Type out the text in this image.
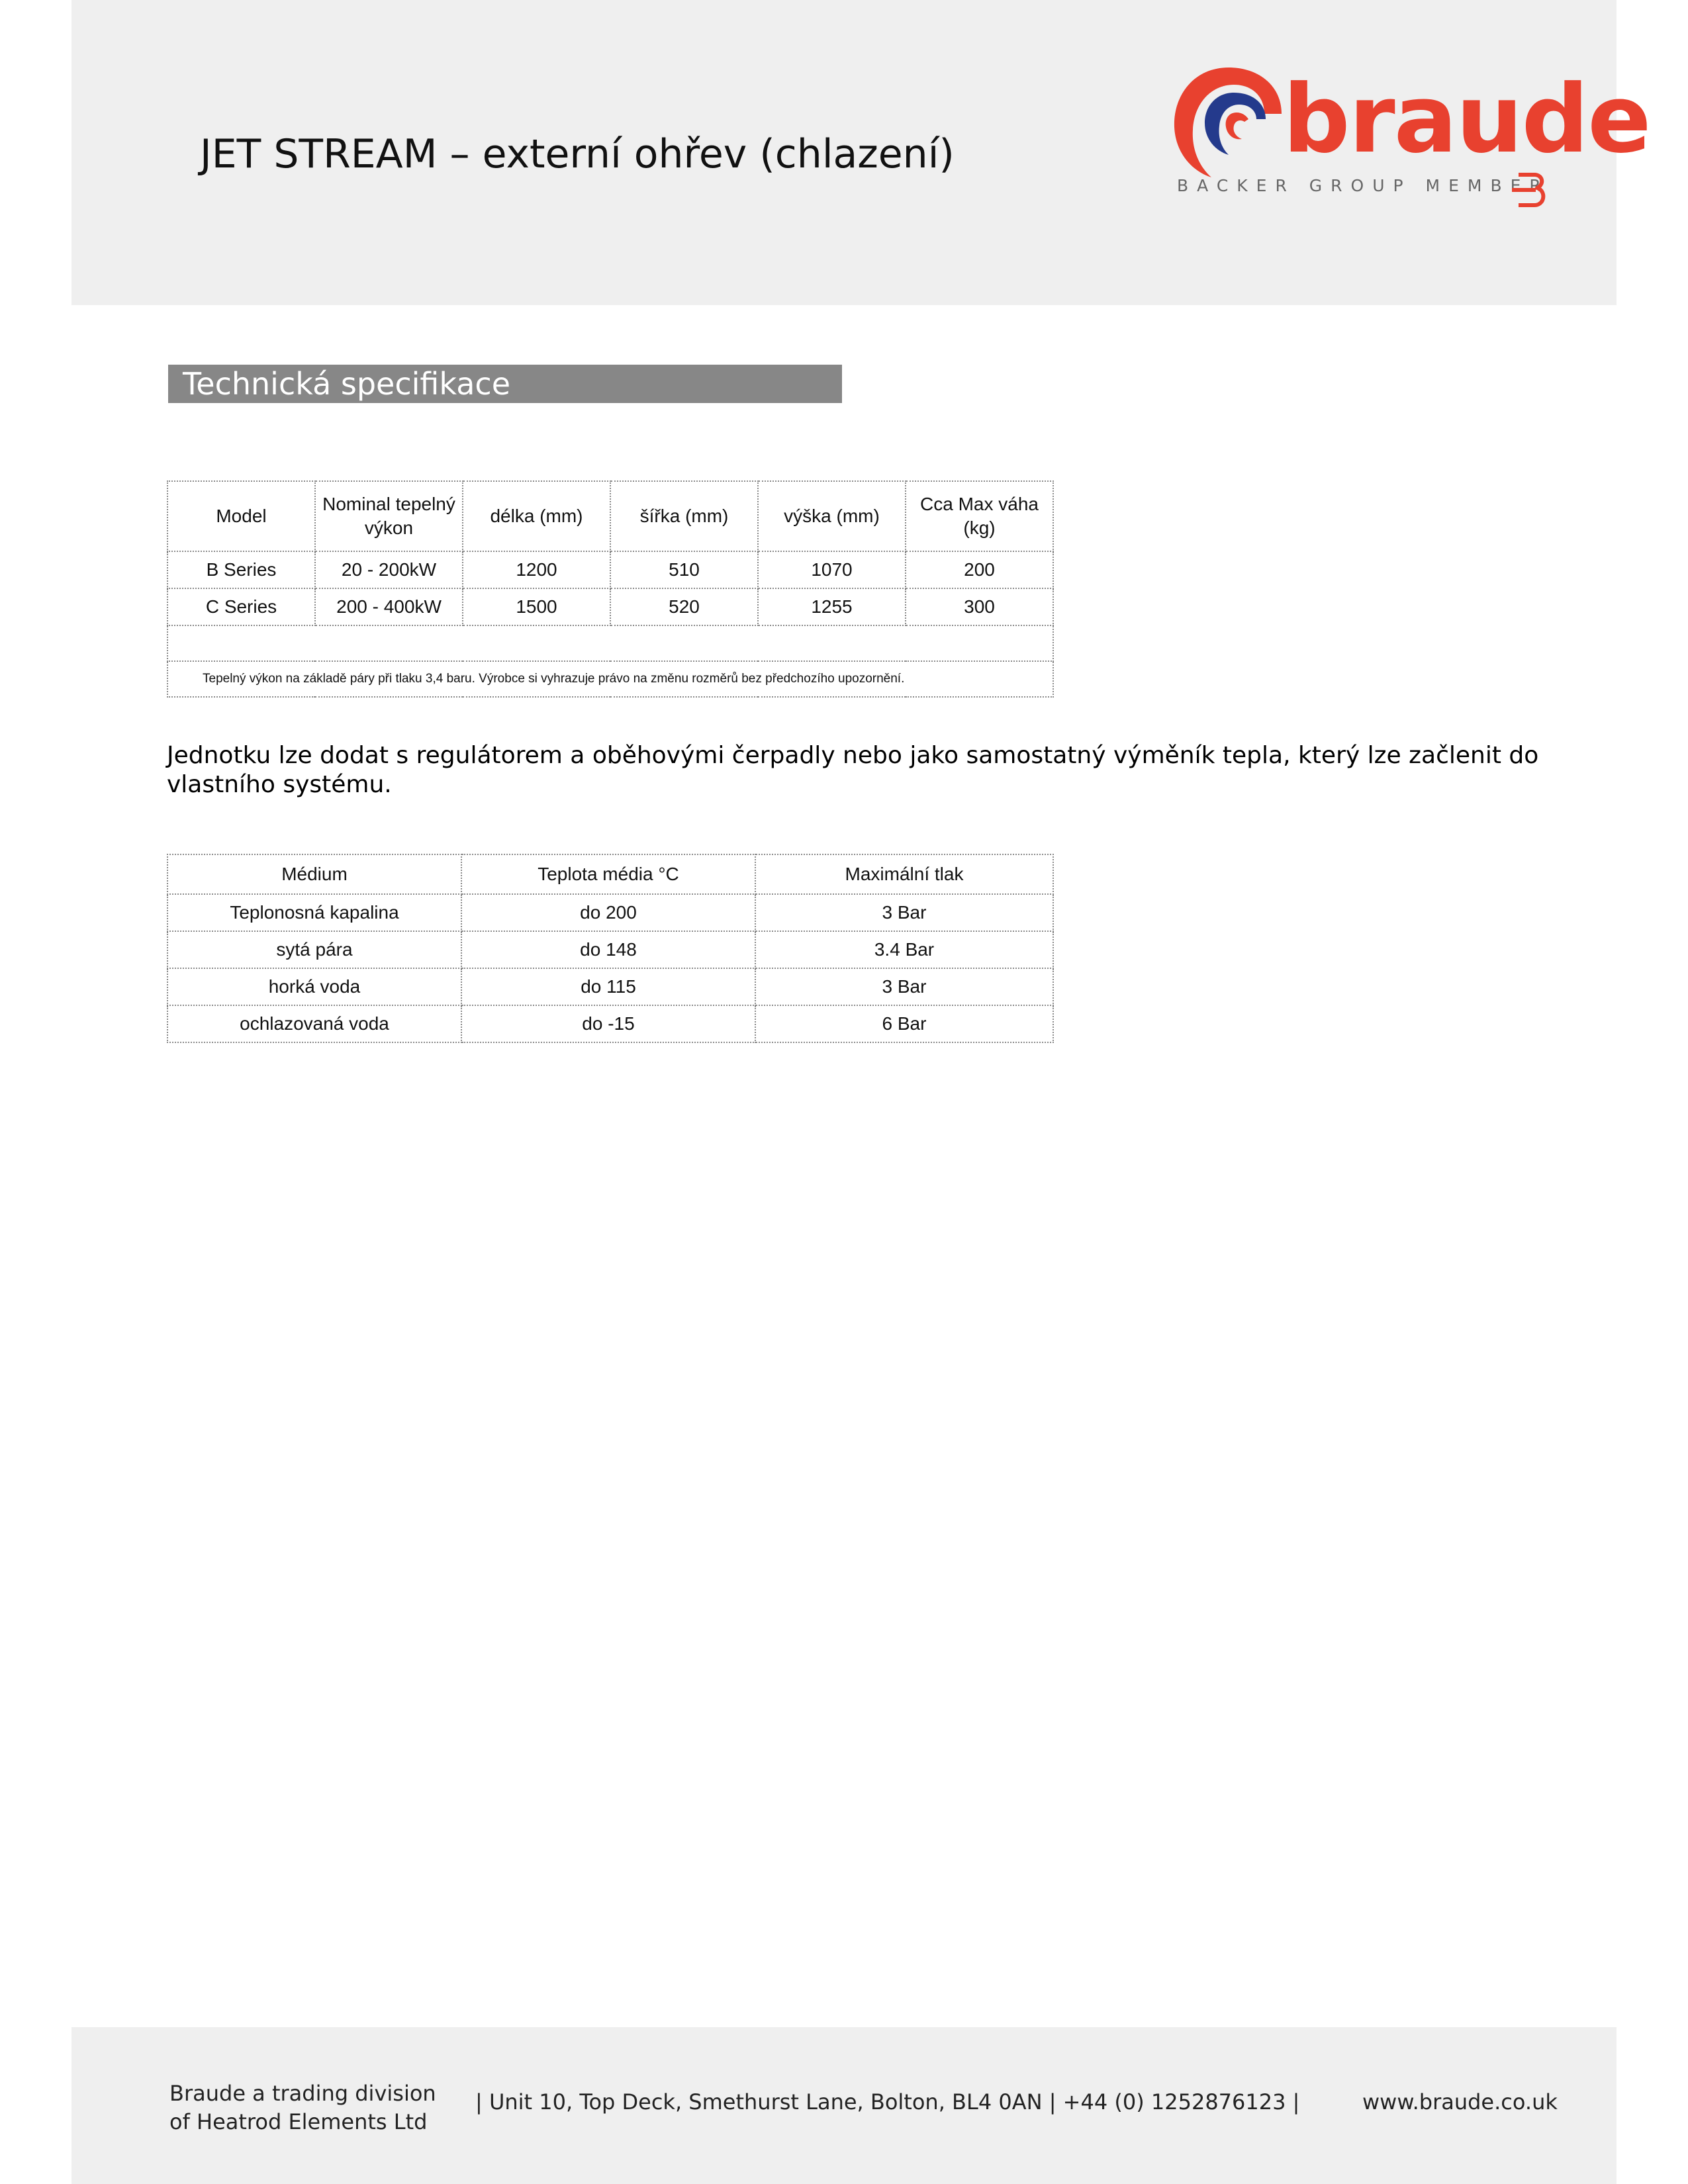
JET STREAM – externí ohřev (chlazení)	braude
BACKER GROUP MEMBER
Technická specifikace
Model	Nominal tepelný výkon	délka (mm)	šířka (mm)	výška (mm)	Cca Max váha (kg)
B Series	20 - 200kW	1200	510	1070	200
C Series	200 - 400kW	1500	520	1255	300

Tepelný výkon na základě páry při tlaku 3,4 baru. Výrobce si vyhrazuje právo na změnu rozměrů bez předchozího upozornění.					
Jednotku lze dodat s regulátorem a oběhovými čerpadly nebo jako samostatný výměník tepla, který lze začlenit do vlastního systému.
Médium	Teplota média °C	Maximální tlak
Teplonosná kapalina	do 200	3 Bar
sytá pára	do 148	3.4 Bar
horká voda	do 115	3 Bar
ochlazovaná voda	do -15	6 Bar
Braude a trading division
of Heatrod Elements Ltd
| Unit 10, Top Deck, Smethurst Lane, Bolton, BL4 0AN | +44 (0) 1252876123 |	www.braude.co.uk
